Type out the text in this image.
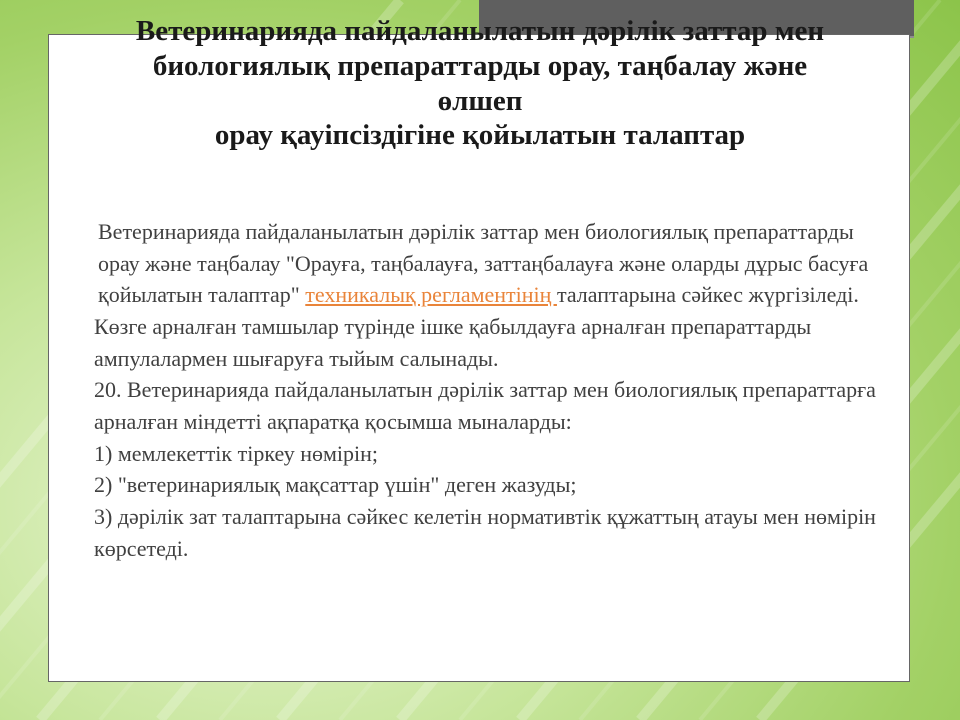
Ветеринарияда пайдаланылатын дәрілік заттар мен
биологиялық препараттарды орау, таңбалау және
өлшеп
орау қауіпсіздігіне қойылатын талаптар

Ветеринарияда пайдаланылатын дәрілік заттар мен биологиялық препараттарды орау және таңбалау "Орауға, таңбалауға, заттаңбалауға және оларды дұрыс басуға қойылатын талаптар" техникалық регламентінің талаптарына сәйкес жүргізіледі.

Көзге арналған тамшылар түрінде ішке қабылдауға арналған препараттарды ампулалармен шығаруға тыйым салынады.

20. Ветеринарияда пайдаланылатын дәрілік заттар мен биологиялық препараттарға арналған міндетті ақпаратқа қосымша мыналарды:

1) мемлекеттік тіркеу нөмірін;

2) "ветеринариялық мақсаттар үшін" деген жазуды;

3) дәрілік зат талаптарына сәйкес келетін нормативтік құжаттың атауы мен нөмірін көрсетеді.
